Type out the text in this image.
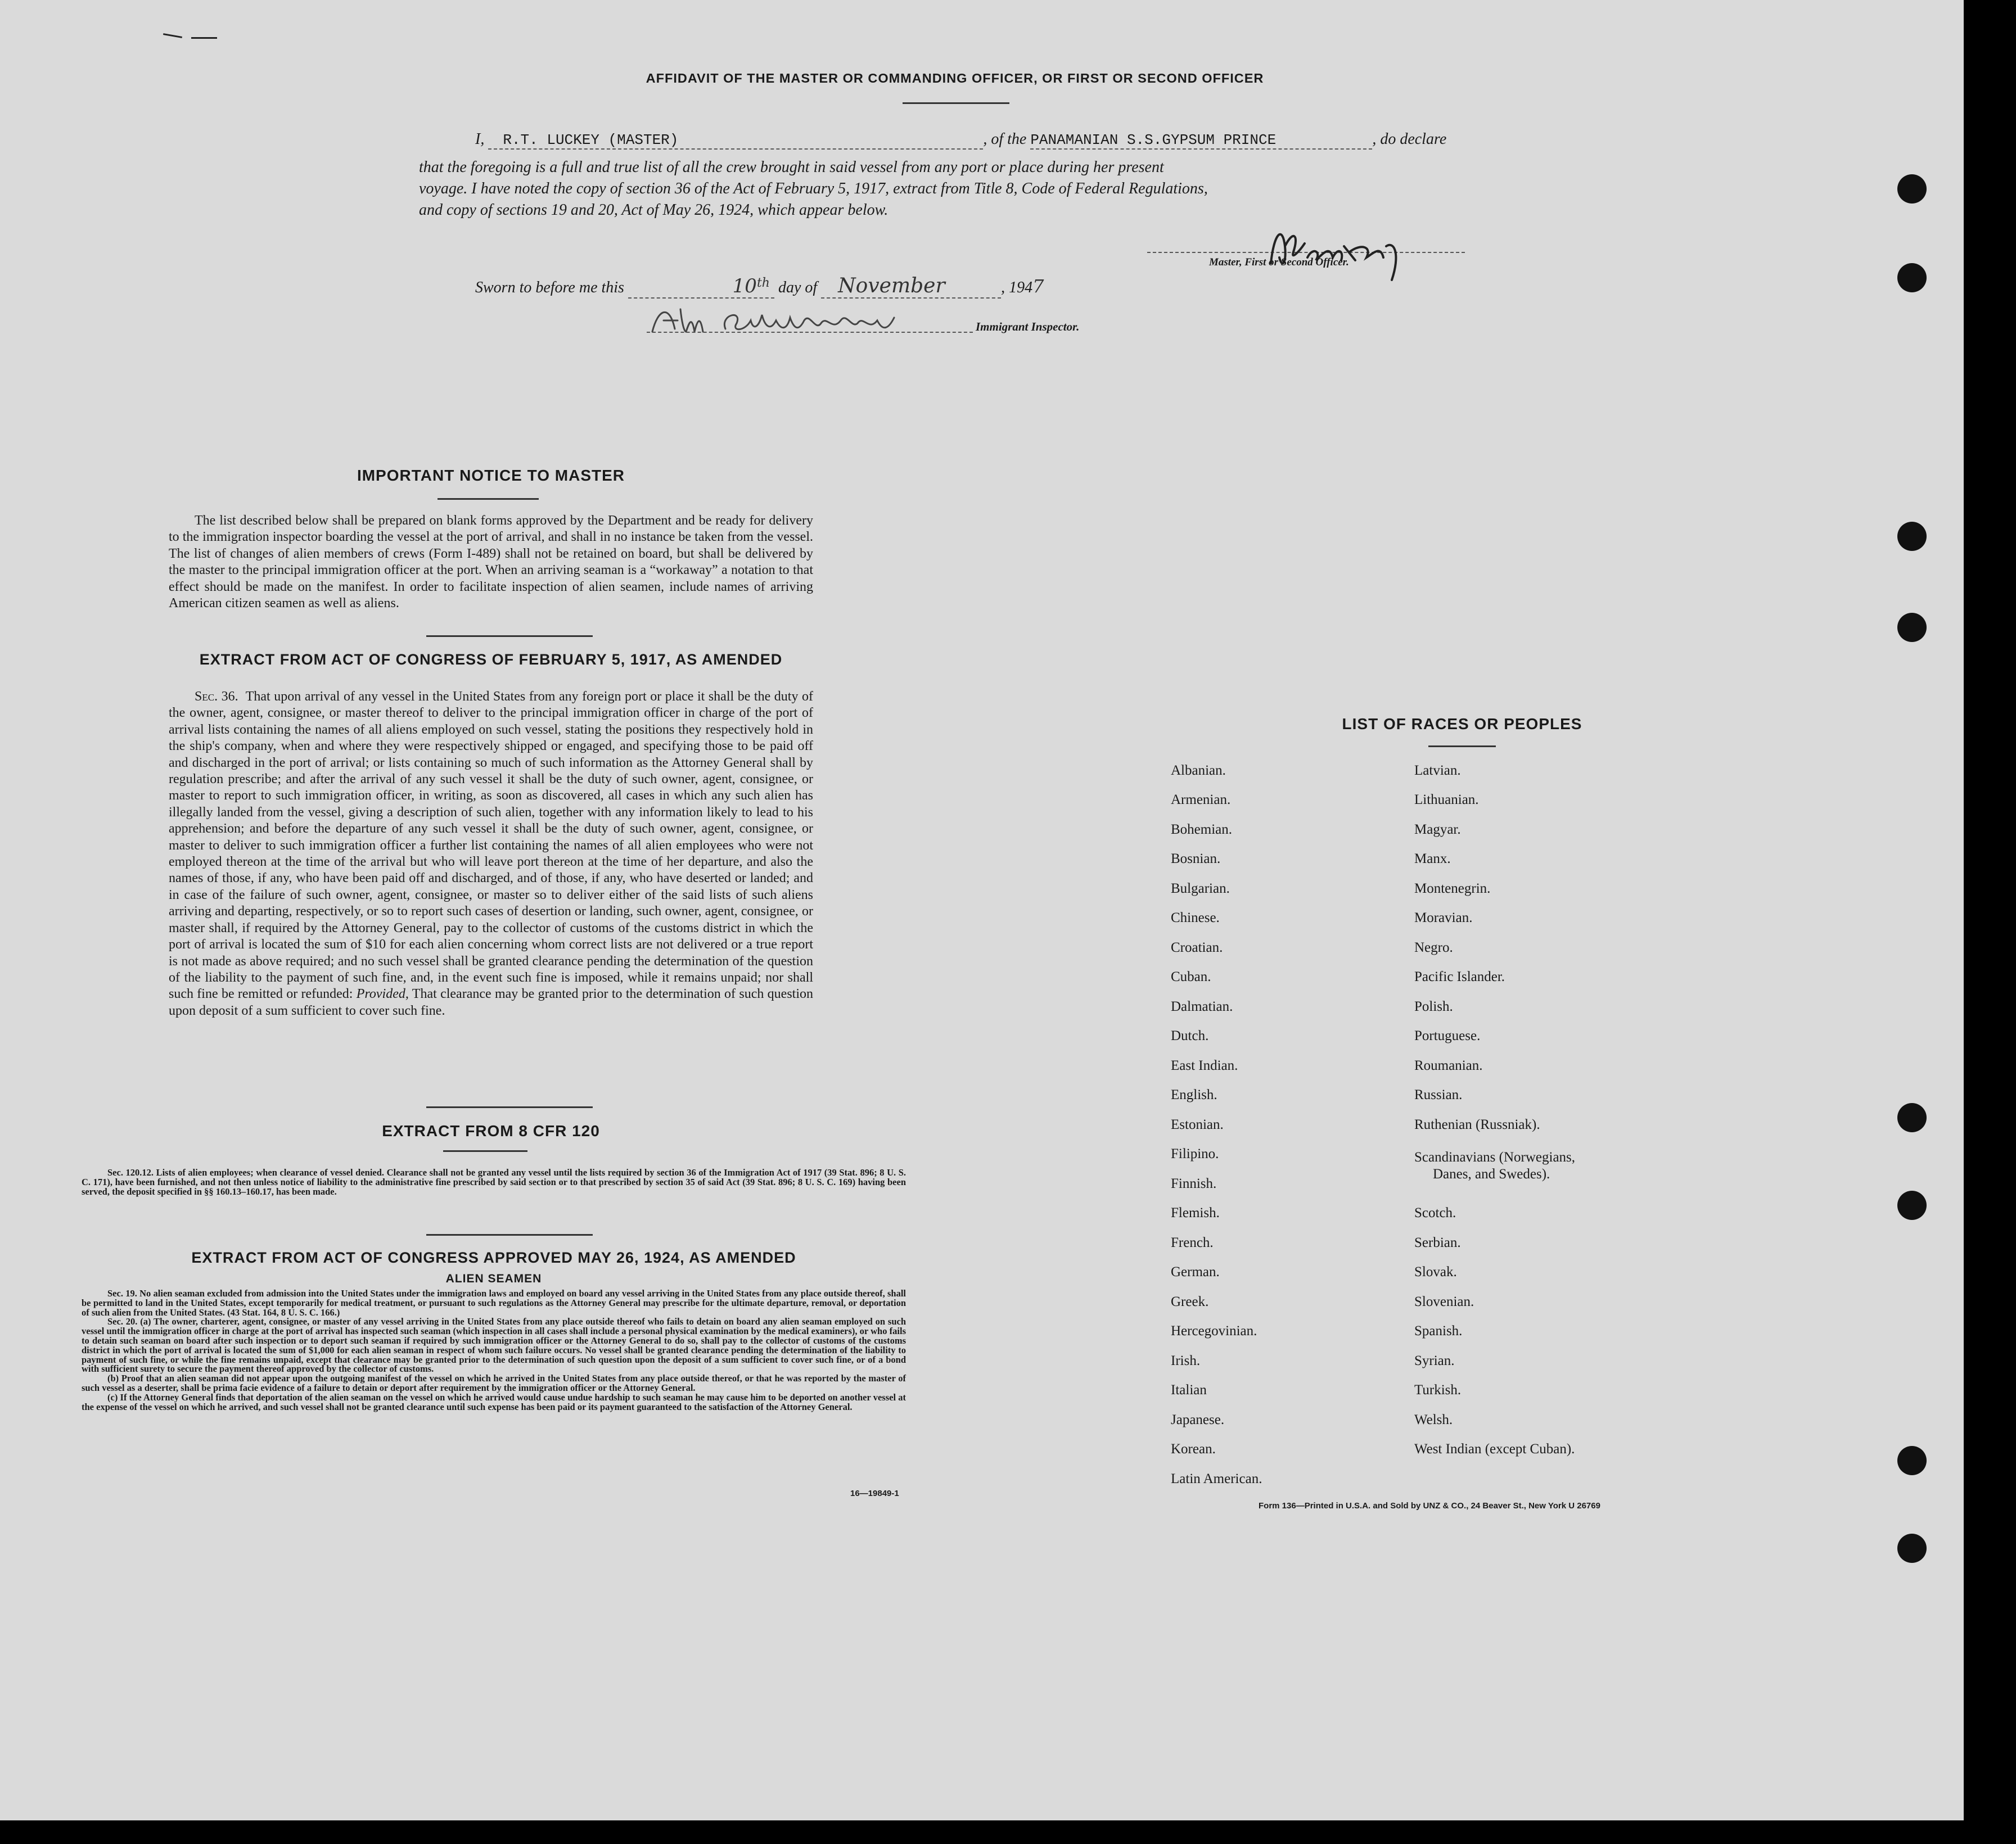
AFFIDAVIT OF THE MASTER OR COMMANDING OFFICER, OR FIRST OR SECOND OFFICER
I, R.T. LUCKEY (MASTER)	, of the PANAMANIAN S.S.GYPSUM PRINCE	, do declare
that the foregoing is a full and true list of all the crew brought in said vessel from any port or place during her present
voyage. I have noted the copy of section 36 of the Act of February 5, 1917, extract from Title 8, Code of Federal Regulations,
and copy of sections 19 and 20, Act of May 26, 1924, which appear below.
Master, First or Second Officer.
Sworn to before me this	10th day of November	, 1947
Immigrant Inspector.
IMPORTANT NOTICE TO MASTER

The list described below shall be prepared on blank forms approved by the Department and be ready for delivery to the immigration inspector boarding the vessel at the port of arrival, and shall in no instance be taken from the vessel. The list of changes of alien members of crews (Form I-489) shall not be retained on board, but shall be delivered by the master to the principal immigration officer at the port. When an arriving seaman is a “workaway” a notation to that effect should be made on the manifest. In order to facilitate inspection of alien seamen, include names of arriving American citizen seamen as well as aliens.

EXTRACT FROM ACT OF CONGRESS OF FEBRUARY 5, 1917, AS AMENDED

Sec. 36. That upon arrival of any vessel in the United States from any foreign port or place it shall be the duty of the owner, agent, consignee, or master thereof to deliver to the principal immigration officer in charge of the port of arrival lists containing the names of all aliens employed on such vessel, stating the positions they respectively hold in the ship's company, when and where they were respectively shipped or engaged, and specifying those to be paid off and discharged in the port of arrival; or lists containing so much of such information as the Attorney General shall by regulation prescribe; and after the arrival of any such vessel it shall be the duty of such owner, agent, consignee, or master to report to such immigration officer, in writing, as soon as discovered, all cases in which any such alien has illegally landed from the vessel, giving a description of such alien, together with any information likely to lead to his apprehension; and before the departure of any such vessel it shall be the duty of such owner, agent, consignee, or master to deliver to such immigration officer a further list containing the names of all alien employees who were not employed thereon at the time of the arrival but who will leave port thereon at the time of her departure, and also the names of those, if any, who have been paid off and discharged, and of those, if any, who have deserted or landed; and in case of the failure of such owner, agent, consignee, or master so to deliver either of the said lists of such aliens arriving and departing, respectively, or so to report such cases of desertion or landing, such owner, agent, consignee, or master shall, if required by the Attorney General, pay to the collector of customs of the customs district in which the port of arrival is located the sum of $10 for each alien concerning whom correct lists are not delivered or a true report is not made as above required; and no such vessel shall be granted clearance pending the determination of the question of the liability to the payment of such fine, and, in the event such fine is imposed, while it remains unpaid; nor shall such fine be remitted or refunded: Provided, That clearance may be granted prior to the determination of such question upon deposit of a sum sufficient to cover such fine.

EXTRACT FROM 8 CFR 120

Sec. 120.12. Lists of alien employees; when clearance of vessel denied. Clearance shall not be granted any vessel until the lists required by section 36 of the Immigration Act of 1917 (39 Stat. 896; 8 U. S. C. 171), have been furnished, and not then unless notice of liability to the administrative fine prescribed by said section or to that prescribed by section 35 of said Act (39 Stat. 896; 8 U. S. C. 169) having been served, the deposit specified in §§ 160.13–160.17, has been made.

EXTRACT FROM ACT OF CONGRESS APPROVED MAY 26, 1924, AS AMENDED
ALIEN SEAMEN

Sec. 19. No alien seaman excluded from admission into the United States under the immigration laws and employed on board any vessel arriving in the United States from any place outside thereof, shall be permitted to land in the United States, except temporarily for medical treatment, or pursuant to such regulations as the Attorney General may prescribe for the ultimate departure, removal, or deportation of such alien from the United States. (43 Stat. 164, 8 U. S. C. 166.)

Sec. 20. (a) The owner, charterer, agent, consignee, or master of any vessel arriving in the United States from any place outside thereof who fails to detain on board any alien seaman employed on such vessel until the immigration officer in charge at the port of arrival has inspected such seaman (which inspection in all cases shall include a personal physical examination by the medical examiners), or who fails to detain such seaman on board after such inspection or to deport such seaman if required by such immigration officer or the Attorney General to do so, shall pay to the collector of customs of the customs district in which the port of arrival is located the sum of $1,000 for each alien seaman in respect of whom such failure occurs. No vessel shall be granted clearance pending the determination of the liability to payment of such fine, or while the fine remains unpaid, except that clearance may be granted prior to the determination of such question upon the deposit of a sum sufficient to cover such fine, or of a bond with sufficient surety to secure the payment thereof approved by the collector of customs.

(b) Proof that an alien seaman did not appear upon the outgoing manifest of the vessel on which he arrived in the United States from any place outside thereof, or that he was reported by the master of such vessel as a deserter, shall be prima facie evidence of a failure to detain or deport after requirement by the immigration officer or the Attorney General.

(c) If the Attorney General finds that deportation of the alien seaman on the vessel on which he arrived would cause undue hardship to such seaman he may cause him to be deported on another vessel at the expense of the vessel on which he arrived, and such vessel shall not be granted clearance until such expense has been paid or its payment guaranteed to the satisfaction of the Attorney General.

16—19849-1
LIST OF RACES OR PEOPLES
Albanian.
Armenian.
Bohemian.
Bosnian.
Bulgarian.
Chinese.
Croatian.
Cuban.
Dalmatian.
Dutch.
East Indian.
English.
Estonian.
Filipino.
Finnish.
Flemish.
French.
German.
Greek.
Hercegovinian.
Irish.
Italian
Japanese.
Korean.
Latin American.
Latvian.
Lithuanian.
Magyar.
Manx.
Montenegrin.
Moravian.
Negro.
Pacific Islander.
Polish.
Portuguese.
Roumanian.
Russian.
Ruthenian (Russniak).
Scandinavians (Norwegians,
Danes, and Swedes).
Scotch.
Serbian.
Slovak.
Slovenian.
Spanish.
Syrian.
Turkish.
Welsh.
West Indian (except Cuban).
Form 136—Printed in U.S.A. and Sold by UNZ & CO., 24 Beaver St., New York U 26769
